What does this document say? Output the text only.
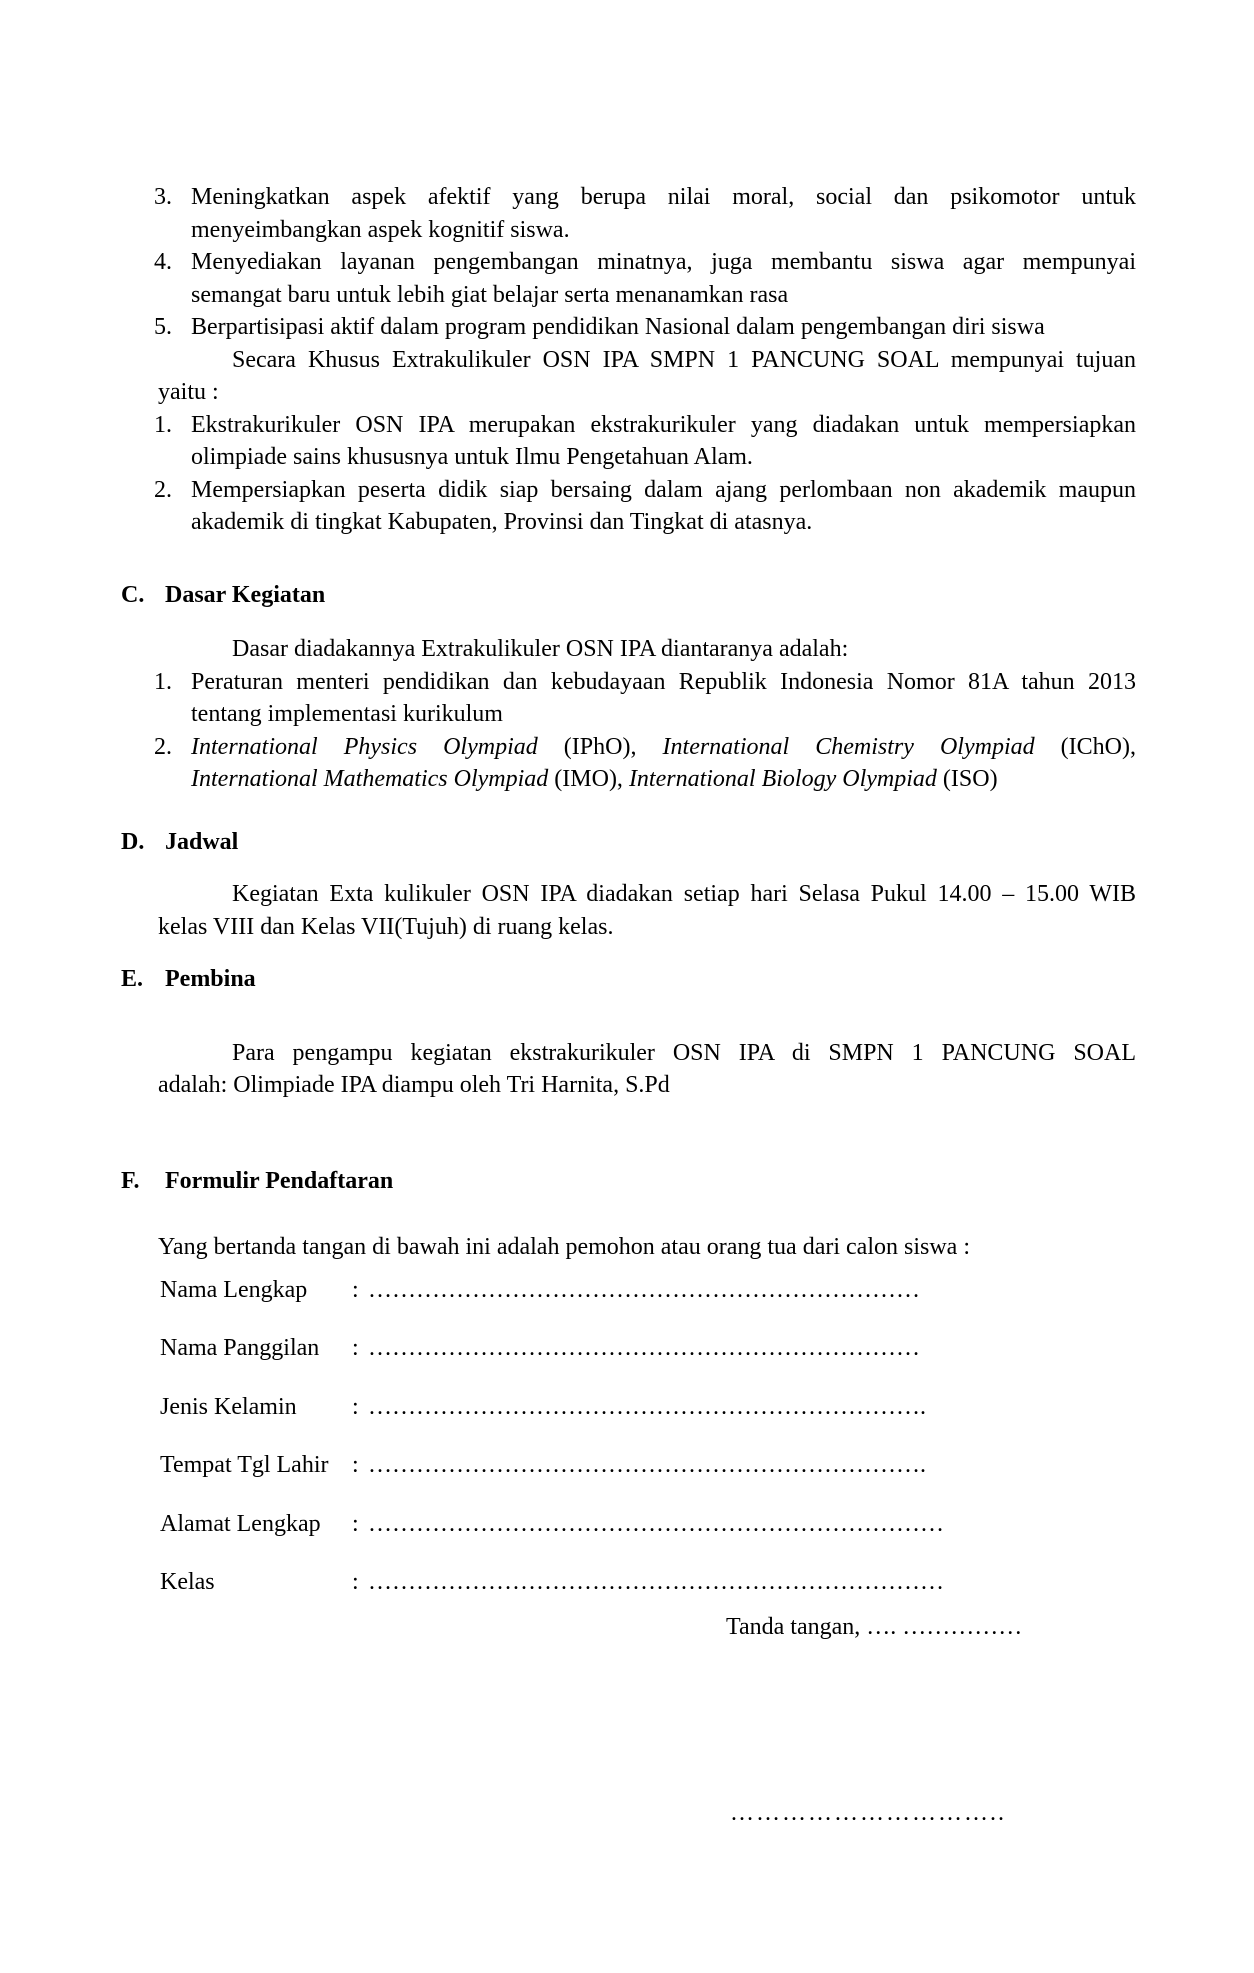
3. Meningkatkan aspek afektif yang berupa nilai moral, social dan psikomotor untuk
menyeimbangkan aspek kognitif siswa.
4. Menyediakan layanan pengembangan minatnya, juga membantu siswa agar mempunyai
semangat baru untuk lebih giat belajar serta menanamkan rasa
5. Berpartisipasi aktif dalam program pendidikan Nasional dalam pengembangan diri siswa
Secara Khusus Extrakulikuler OSN IPA SMPN 1 PANCUNG SOAL mempunyai tujuan
yaitu :
1. Ekstrakurikuler OSN IPA merupakan ekstrakurikuler yang diadakan untuk mempersiapkan
olimpiade sains khususnya untuk Ilmu Pengetahuan Alam.
2. Mempersiapkan peserta didik siap bersaing dalam ajang perlombaan non akademik maupun
akademik di tingkat Kabupaten, Provinsi dan Tingkat di atasnya.
C. Dasar Kegiatan
Dasar diadakannya Extrakulikuler OSN IPA diantaranya adalah:
1. Peraturan menteri pendidikan dan kebudayaan Republik Indonesia Nomor 81A tahun 2013
tentang implementasi kurikulum
2. International Physics Olympiad (IPhO), International Chemistry Olympiad (IChO),
International Mathematics Olympiad (IMO), International Biology Olympiad (ISO)
D. Jadwal
Kegiatan Exta kulikuler OSN IPA diadakan setiap hari Selasa Pukul 14.00 – 15.00 WIB
kelas VIII dan Kelas VII(Tujuh) di ruang kelas.
E. Pembina
Para pengampu kegiatan ekstrakurikuler OSN IPA di SMPN 1 PANCUNG SOAL
adalah: Olimpiade IPA diampu oleh Tri Harnita, S.Pd
F.	Formulir Pendaftaran
Yang bertanda tangan di bawah ini adalah pemohon atau orang tua dari calon siswa :
Nama Lengkap : ……………………………………………………………
Nama Panggilan : ……………………………………………………………
Jenis Kelamin : …………………………………………………………….
Tempat Tgl Lahir : …………………………………………………………….
Alamat Lengkap : ………………………………………………………………
Kelas	: ………………………………………………………………
Tanda tangan, …. ……………
…………………………..
